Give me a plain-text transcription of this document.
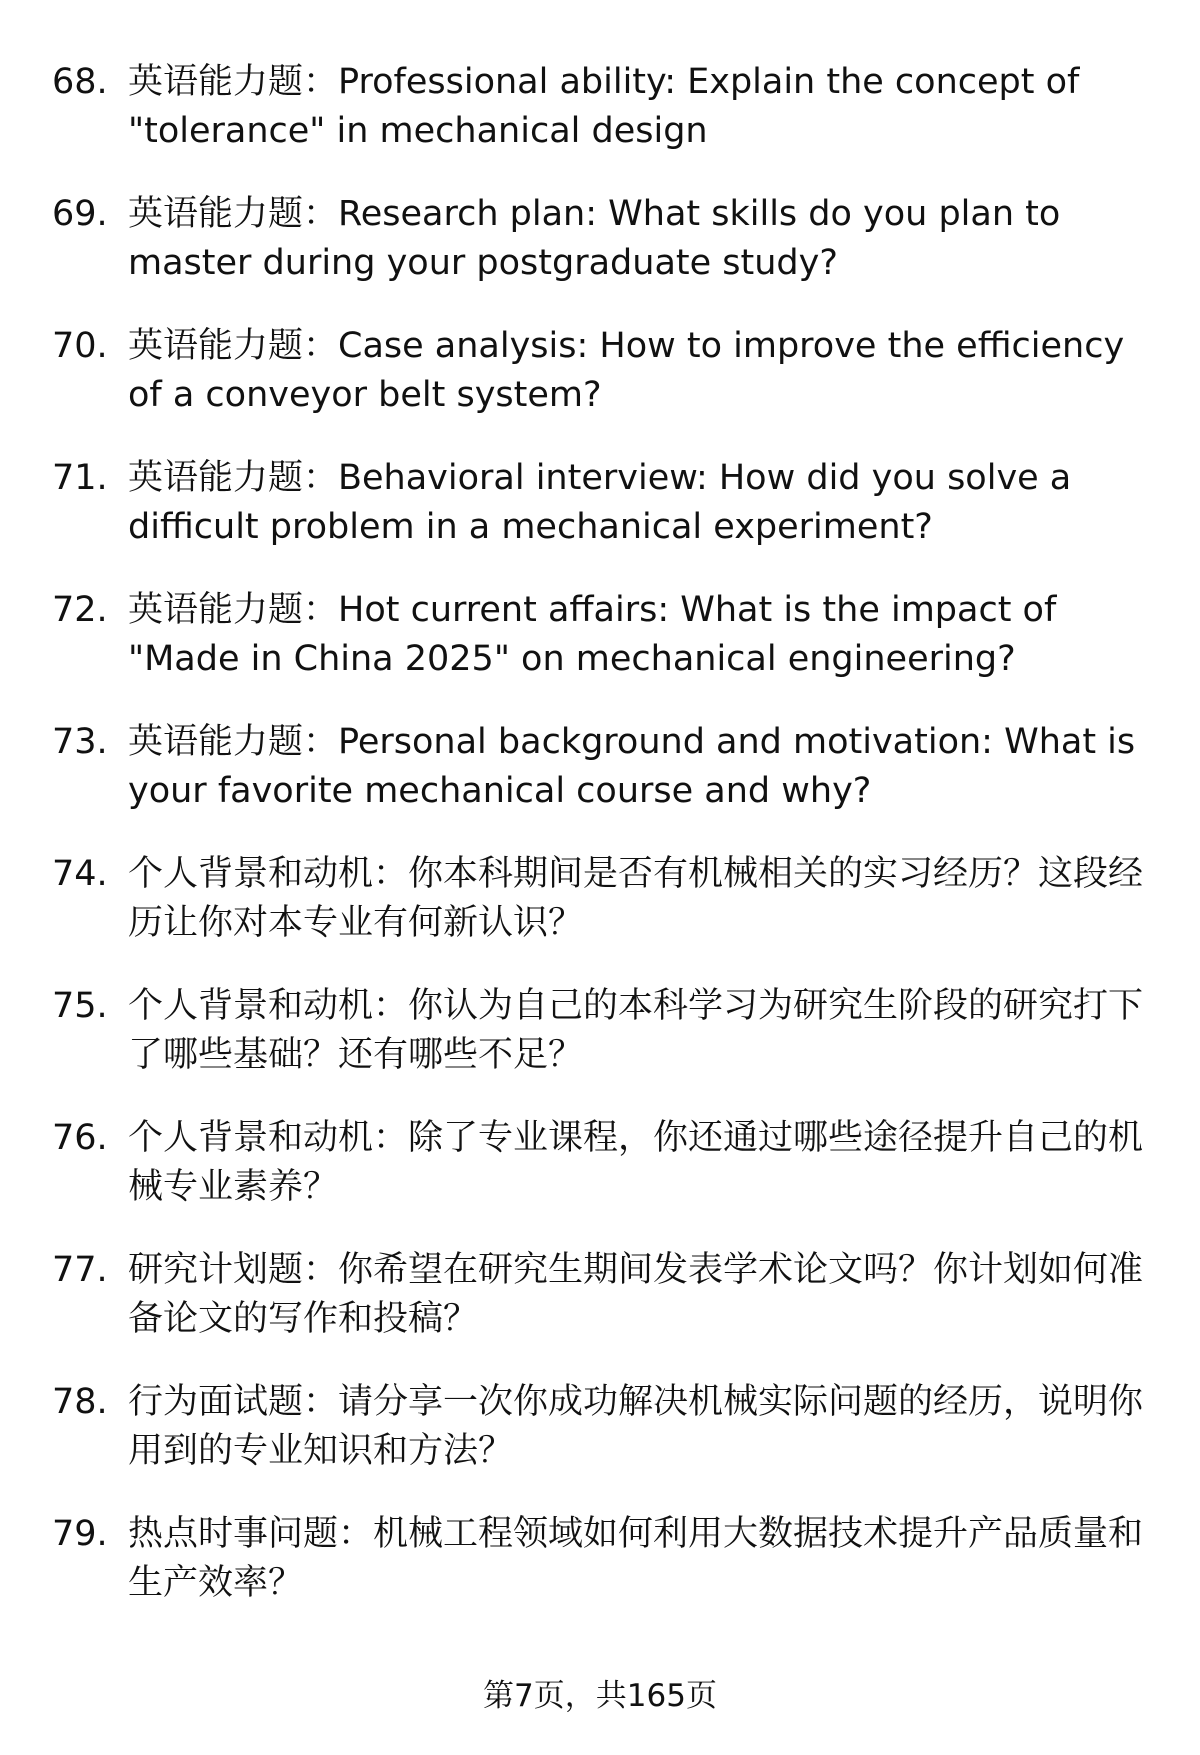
68. 英语能力题：Professional ability: Explain the concept of "tolerance" in mechanical design
69. 英语能力题：Research plan: What skills do you plan to master during your postgraduate study?
70. 英语能力题：Case analysis: How to improve the efficiency of a conveyor belt system?
71. 英语能力题：Behavioral interview: How did you solve a difficult problem in a mechanical experiment?
72. 英语能力题：Hot current affairs: What is the impact of "Made in China 2025" on mechanical engineering?
73. 英语能力题：Personal background and motivation: What is your favorite mechanical course and why?
74. 个人背景和动机：你本科期间是否有机械相关的实习经历？这段经历让你对本专业有何新认识？
75. 个人背景和动机：你认为自己的本科学习为研究生阶段的研究打下了哪些基础？还有哪些不足？
76. 个人背景和动机：除了专业课程，你还通过哪些途径提升自己的机械专业素养？
77. 研究计划题：你希望在研究生期间发表学术论文吗？你计划如何准备论文的写作和投稿？
78. 行为面试题：请分享一次你成功解决机械实际问题的经历，说明你用到的专业知识和方法？
79. 热点时事问题：机械工程领域如何利用大数据技术提升产品质量和生产效率？
第7页，共165页
